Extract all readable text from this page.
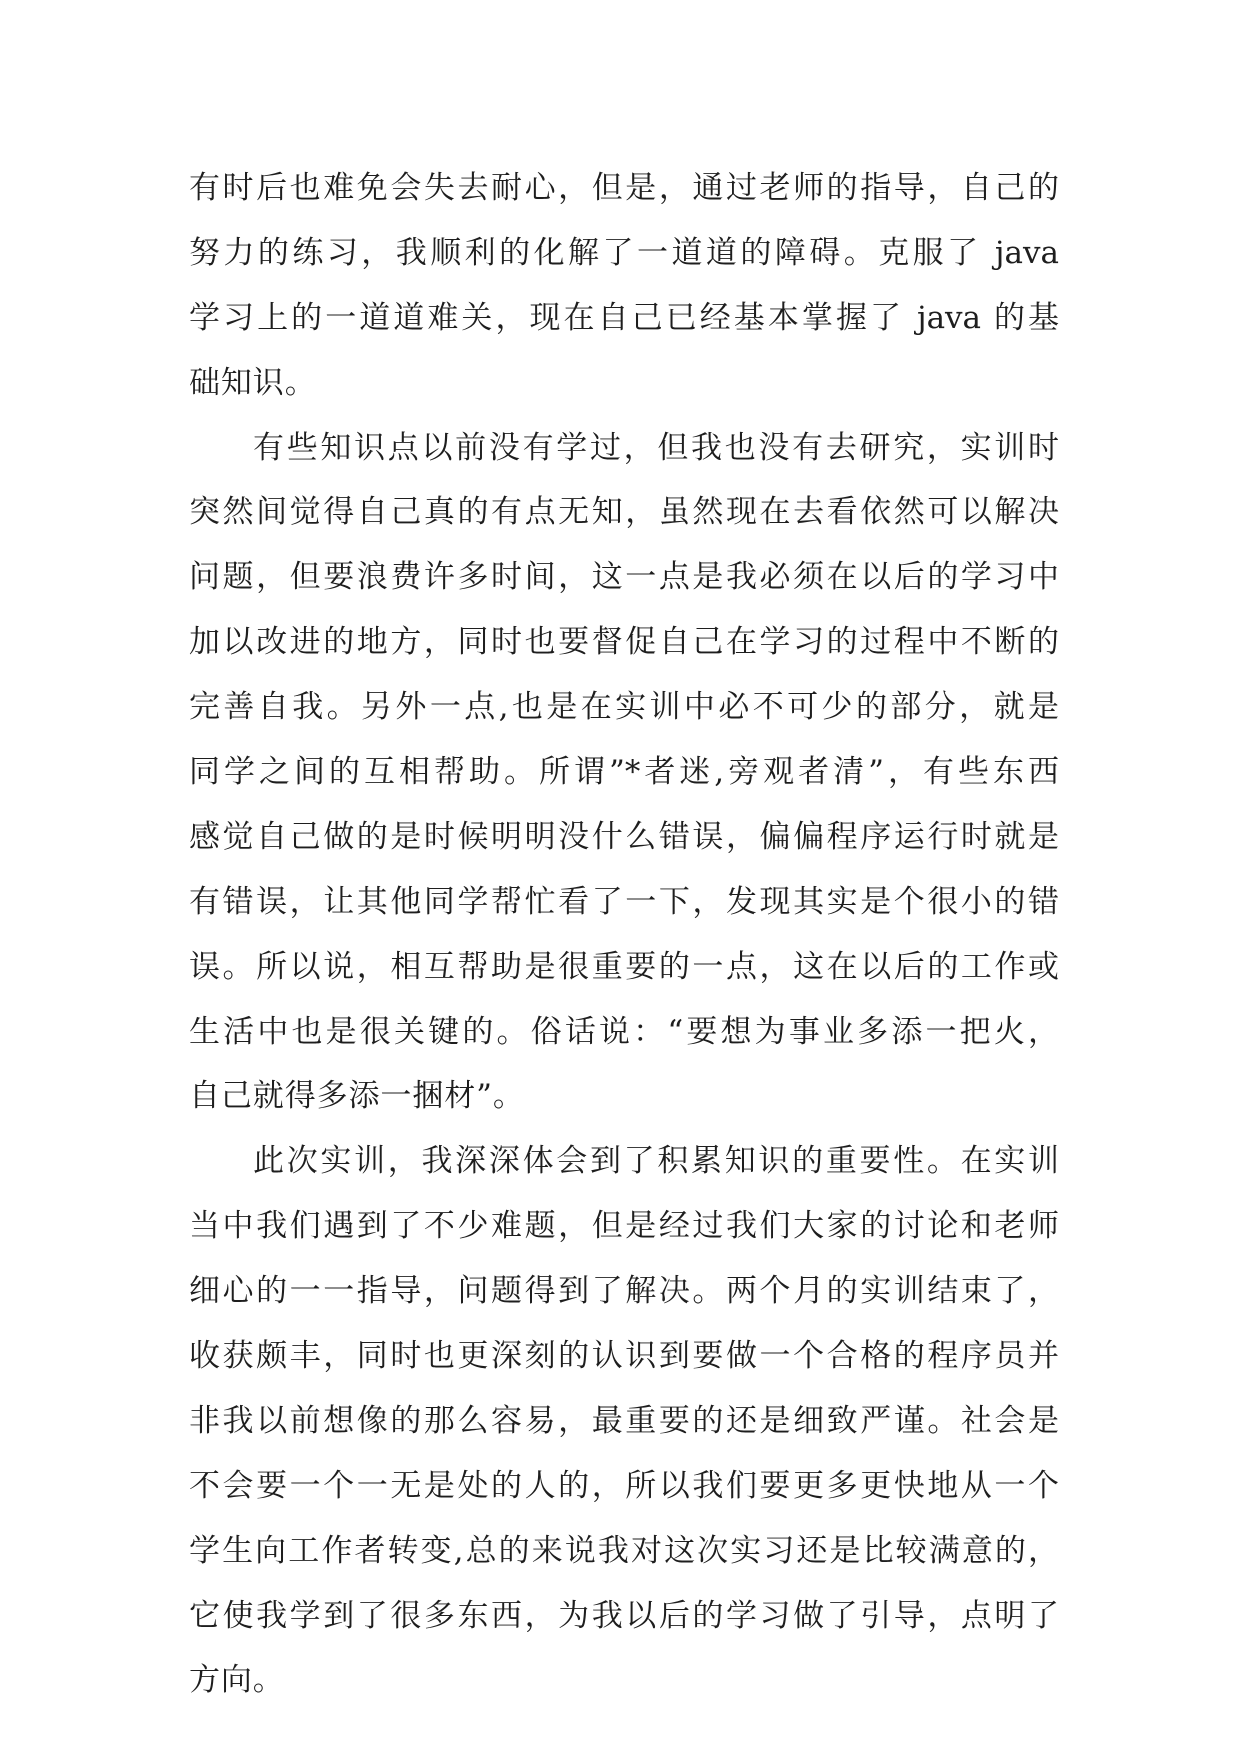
有时后也难免会失去耐心，但是，通过老师的指导，自己的
努力的练习，我顺利的化解了一道道的障碍。克服了 java
学习上的一道道难关，现在自己已经基本掌握了 java 的基
础知识。
有些知识点以前没有学过，但我也没有去研究，实训时
突然间觉得自己真的有点无知，虽然现在去看依然可以解决
问题，但要浪费许多时间，这一点是我必须在以后的学习中
加以改进的地方，同时也要督促自己在学习的过程中不断的
完善自我。另外一点,也是在实训中必不可少的部分，就是
同学之间的互相帮助。所谓”*者迷,旁观者清”，有些东西
感觉自己做的是时候明明没什么错误，偏偏程序运行时就是
有错误，让其他同学帮忙看了一下，发现其实是个很小的错
误。所以说，相互帮助是很重要的一点，这在以后的工作或
生活中也是很关键的。俗话说：“要想为事业多添一把火，
自己就得多添一捆材”。
此次实训，我深深体会到了积累知识的重要性。在实训
当中我们遇到了不少难题，但是经过我们大家的讨论和老师
细心的一一指导，问题得到了解决。两个月的实训结束了，
收获颇丰，同时也更深刻的认识到要做一个合格的程序员并
非我以前想像的那么容易，最重要的还是细致严谨。社会是
不会要一个一无是处的人的，所以我们要更多更快地从一个
学生向工作者转变,总的来说我对这次实习还是比较满意的，
它使我学到了很多东西，为我以后的学习做了引导，点明了
方向。
